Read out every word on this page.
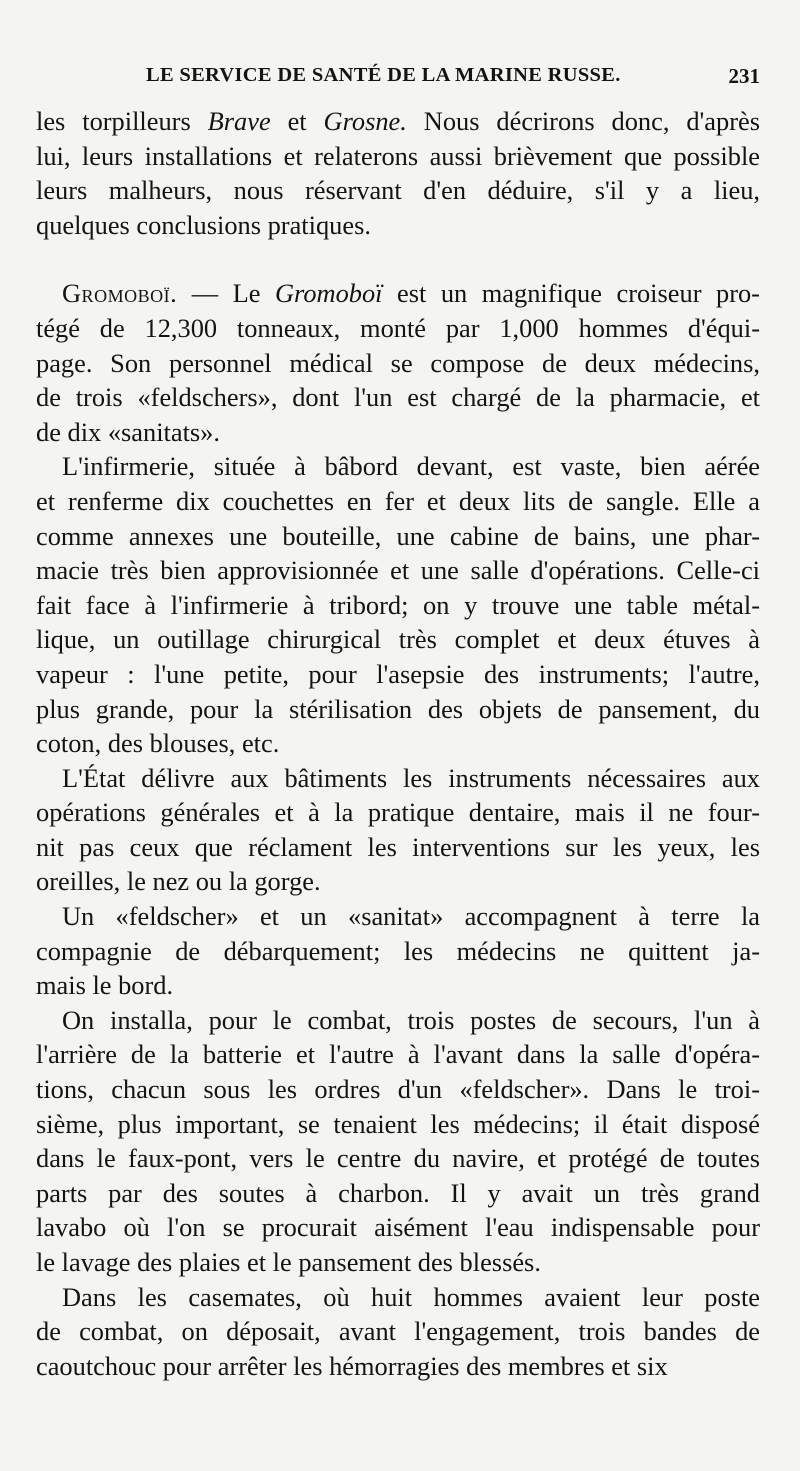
LE SERVICE DE SANTÉ DE LA MARINE RUSSE.	231

les torpilleurs Brave et Grosne. Nous décrirons donc, d'après
lui, leurs installations et relaterons aussi brièvement que possible
leurs malheurs, nous réservant d'en déduire, s'il y a lieu,
quelques conclusions pratiques.

Gromoboï. — Le Gromoboï est un magnifique croiseur pro-
tégé de 12,300 tonneaux, monté par 1,000 hommes d'équi-
page. Son personnel médical se compose de deux médecins,
de trois «feldschers», dont l'un est chargé de la pharmacie, et
de dix «sanitats».

L'infirmerie, située à bâbord devant, est vaste, bien aérée
et renferme dix couchettes en fer et deux lits de sangle. Elle a
comme annexes une bouteille, une cabine de bains, une phar-
macie très bien approvisionnée et une salle d'opérations. Celle-ci
fait face à l'infirmerie à tribord; on y trouve une table métal-
lique, un outillage chirurgical très complet et deux étuves à
vapeur : l'une petite, pour l'asepsie des instruments; l'autre,
plus grande, pour la stérilisation des objets de pansement, du
coton, des blouses, etc.

L'État délivre aux bâtiments les instruments nécessaires aux
opérations générales et à la pratique dentaire, mais il ne four-
nit pas ceux que réclament les interventions sur les yeux, les
oreilles, le nez ou la gorge.

Un «feldscher» et un «sanitat» accompagnent à terre la
compagnie de débarquement; les médecins ne quittent ja-
mais le bord.

On installa, pour le combat, trois postes de secours, l'un à
l'arrière de la batterie et l'autre à l'avant dans la salle d'opéra-
tions, chacun sous les ordres d'un «feldscher». Dans le troi-
sième, plus important, se tenaient les médecins; il était disposé
dans le faux-pont, vers le centre du navire, et protégé de toutes
parts par des soutes à charbon. Il y avait un très grand
lavabo où l'on se procurait aisément l'eau indispensable pour
le lavage des plaies et le pansement des blessés.

Dans les casemates, où huit hommes avaient leur poste
de combat, on déposait, avant l'engagement, trois bandes de
caoutchouc pour arrêter les hémorragies des membres et six
